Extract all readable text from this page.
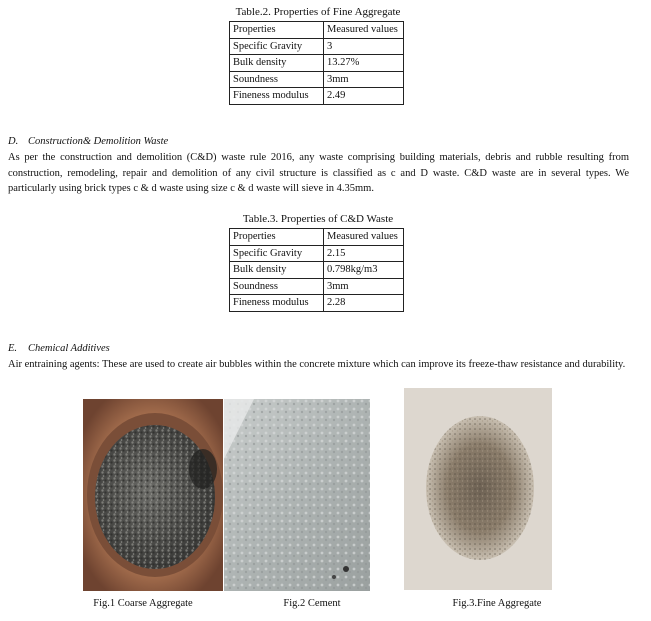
Table.2. Properties of Fine Aggregate
Properties	Measured values
Specific Gravity	3
Bulk density	13.27%
Soundness	3mm
Fineness modulus	2.49
D. Construction& Demolition Waste
As per the construction and demolition (C&D) waste rule 2016, any waste comprising building materials, debris and rubble resulting from construction, remodeling, repair and demolition of any civil structure is classified as c and D waste. C&D waste are in several types. We particularly using brick types c & d waste using size c & d waste will sieve in 4.35mm.
Table.3. Properties of C&D Waste
Properties	Measured values
Specific Gravity	2.15
Bulk density	0.798kg/m3
Soundness	3mm
Fineness modulus	2.28
E. Chemical Additives
Air entraining agents: These are used to create air bubbles within the concrete mixture which can improve its freeze-thaw resistance and durability.
Fig.1 Coarse Aggregate	Fig.2 Cement	Fig.3.Fine Aggregate
